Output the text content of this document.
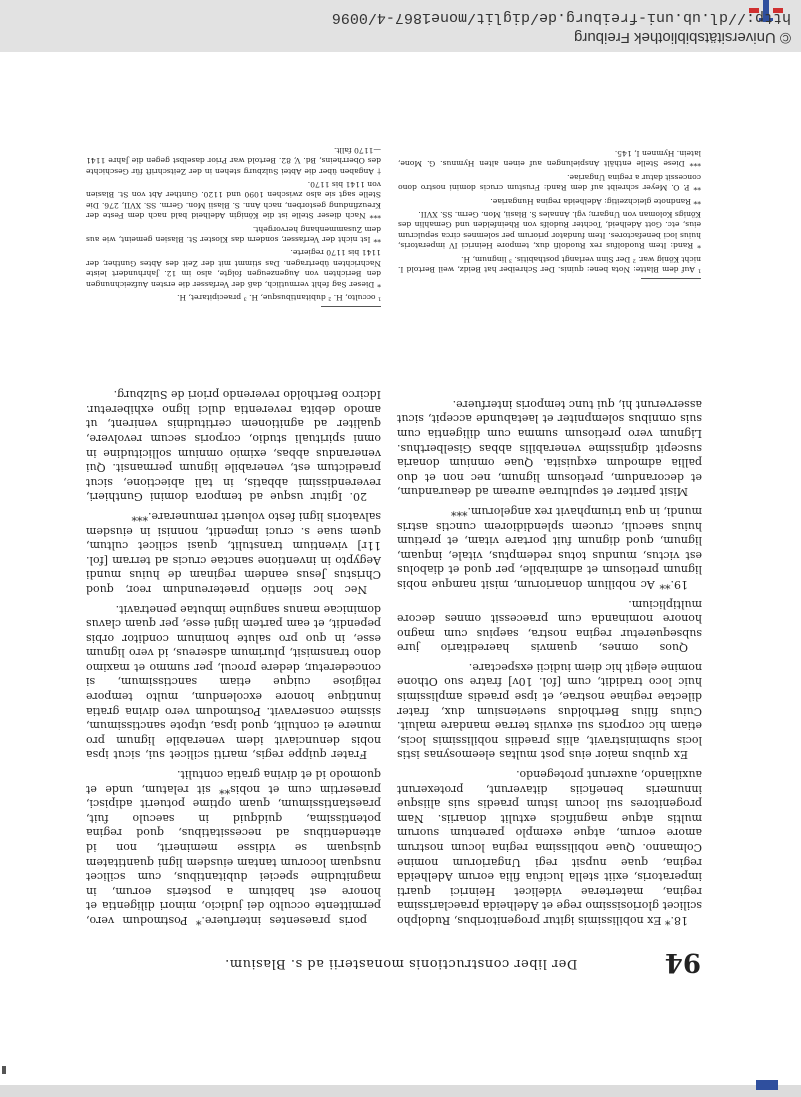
© Universitätsbibliothek Freiburg
http://dl.ub.uni-freiburg.de/diglit/mone1867-4/0096
94
Der liber constructionis monasterii ad s. Blasium.

18.* Ex nobilissimis igitur progenitoribus, Rudolpho scilicet gloriosissimo rege et Adelheida praeclarissima regina, materterae videlicet Heinrici quarti imperatoris, exiit stella lucifua filia eorum Adelheida regina, quae nupsit regi Ungariorum nomine Colmanno. Quae nobilissima regina locum nostrum amore eorum, atque exemplo parentum suorum multis atque magnificis extulit donariis. Nam progenitores sui locum istum praedis suis aliisque innumeris beneficiis ditaverunt, protexerunt auxiliando, auxerunt protegendo.

Ex quibus maior eius post multas eleemosynas istis locis subministravit, aliis praediis nobilissimis locis, etiam hic corporis sui exuviis terrae mandare maluit. Cuius filius Bertholdus sueviensium dux, frater dilectae reginae nostrae, et ipse praedis amplissimis huic loco tradidit, cum [fol. 10v] fratre suo Othone nomine elegit hic diem iudicii exspectare.

Quos omnes, quamvis haereditario jure subsequeretur regina nostra, saepius cum magno honore nominanda cum praecessit omnes decore multiplicium.

19.** Ac nobilium donariorum, misit namque nobis lignum pretiosum et admirabile, per quod et diabolus est victus, mundus totus redemptus, vitale, inquam, lignum, quod dignum fuit portare vitam, et pretium huius saeculi, crucem splendidiorem cunctis astris mundi, in qua triumphavit rex angelorum.***

Misit pariter et sepulturae auream ad deaurandum, et decorandum, pretiosum lignum, nec non et duo pallia admodum exquisita. Quae omnium donaria suscepit dignissime venerabilis abbas Giselberthus. Lignum vero pretiosum summa cum diligentia cum suis omnibus solempniter et laetabunde accepit, sicut asserverunt hi, qui tunc temporis interfuere.

poris praesentes interfuere.* Postmodum vero, permittente occulto dei judicio, minori diligentia et honore est habitum a posteris eorum, in magnitudine speciei dubitantibus, cum scilicet nusquam locorum tantam eiusdem ligni quantitatem quisquam se vidisse meminerit, non id attendentibus ad necessitatibus, quod regina potentissima, quidquid in saeculo fuit, praestantissimum, quam optime potuerit adipisci, praesertim cum et nobis** sit relatum, unde et quomodo id et divina gratia contulit.

Frater quippe regis, mariti scilicet sui, sicut ipsa nobis denunciavit idem venerabile lignum pro munere ei contulit, quod ipsa, utpote sanctissimum, sissime conservavit. Postmodum vero divina gratia inuntique honore excolendum, multo tempore religiose cuique etiam sanctissimum, si concederetur, dedere procul, per summo et maximo dono transmisit, plurimum adsereus, id vero lignum esse, in quo pro salute hominum conditor orbis pependit, et eam partem ligni esse, per quam clavus dominicae manus sanguine imbutae penetravit.

Nec hoc silentio praetereundum reor, quod Christus Jesus eandem reginam de huius mundi Aegypto in inventione sanctae crucis ad terram [fol. 11r] viventium transtulit, quasi scilicet cultum, quem suae s. cruci impendit, nonnisi in eiusdem salvatoris ligni festo voluerit remunerare.***

20. Igitur usque ad tempora domini Gunthieri, reverendissimi abbatis, in tali abiectione, sicut praedictum est, venerabile lignum permansit. Qui venerandus abbas, eximio omnium sollicitudine in omni spirituali studio, corporis secum revolvere, qualiter ad agnitionem certitudinis venirent, ut amodo debita reverentia dulci ligno exhiberetur. Idcirco Bertholdo reverendo priori de Sulzburg.

¹ Auf dem Blatte: Nota bene: quinis. Der Schreiber hat Beidz, weil Bertold I. nicht König war. ² Der Sinn verlangt posthabitis. ³ lingnum, H.

* Rand: Item Ruodolfus rex Ruodolfi dux, tempore Heinrici IV imperatoris, huius loci benefactores. Item fundator priorum per solemnes circa sepulcrum eius, etc. Gott Adelheid, Tochter Rudolfs von Rheinfelden und Gemahlin des Königs Koloman von Ungarn; vgl. Annales S. Blasii, Mon. Germ. SS. XVII.

** Randnote gleichzeitig: Adelheida regina Hungariae.

** P. O. Meyer schreibt auf dem Rand: Frustum crucis domini nostro dono concessit datur a regina Ungariae.

*** Diese Stelle enthält Anspielungen auf einen alten Hymnus. G. Mone, latein. Hymnen I, 145.

¹ occulto, H. ² dubitantibusque, H. ³ praecipitaret, H.

* Dieser Sag fehlt vermutlich, daß der Verfasser die ersten Aufzeichnungen den Berichten von Augenzeugen folgte, also im 12. Jahrhundert leiste Nachrichten übertragen. Das stimmt mit der Zeit des Abtes Gunther, der 1141 bis 1170 regierte.

** Ist nicht der Verfasser, sondern das Kloster St. Blasien gemeint, wie aus dem Zusammenhang hervorgeht.

*** Nach dieser Stelle ist die Königin Adelheid bald nach dem Feste der Kreuzfindung gestorben, nach Ann. S. Blasii Mon. Germ. SS. XVII, 276. Die Stelle sagt sie also zwischen 1090 und 1120. Gunther Abt von St. Blasien von 1141 bis 1170.

† Angaben über die Abtei Sulzburg stehen in der Zeitschrift für Geschichte des Oberrheins, Bd. V, 82. Bertold war Prior daselbst gegen die Jahre 1141—1170 fallt.
